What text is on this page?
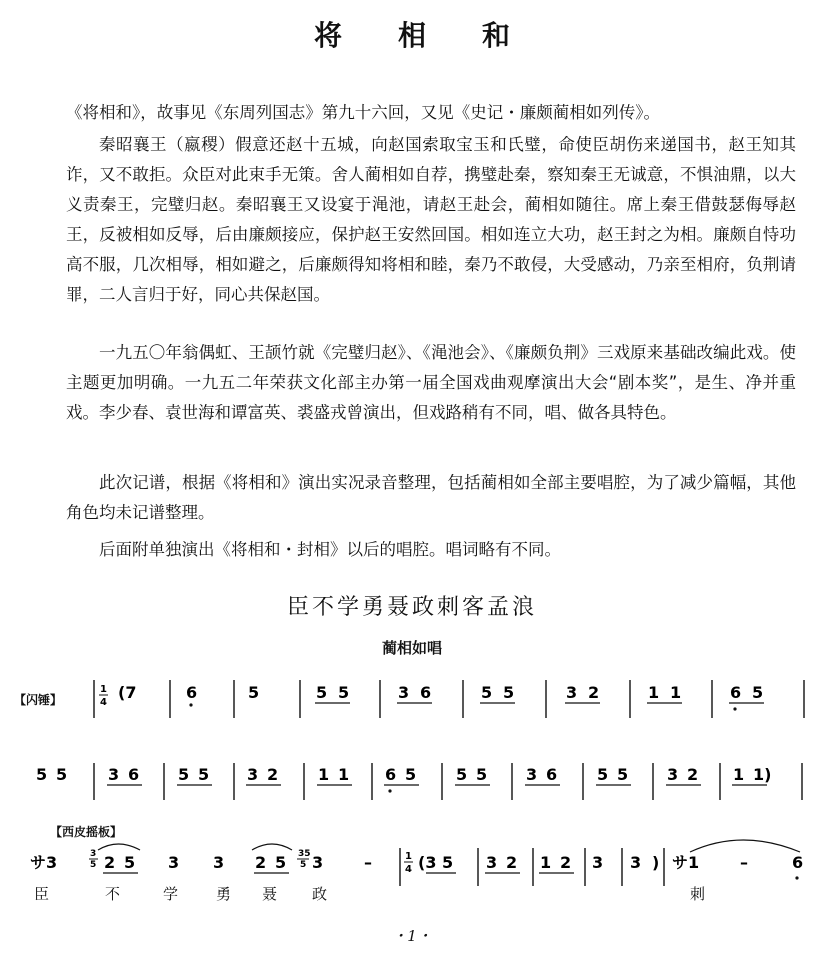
将相和
《将相和》，故事见《东周列国志》第九十六回，又见《史记・廉颇蔺相如列传》。
秦昭襄王（嬴稷）假意还赵十五城，向赵国索取宝玉和氏璧，命使臣胡伤来递国书，赵王知其诈，又不敢拒。众臣对此束手无策。舍人蔺相如自荐，携璧赴秦，察知秦王无诚意，不惧油鼎，以大义责秦王，完璧归赵。秦昭襄王又设宴于渑池，请赵王赴会，蔺相如随往。席上秦王借鼓瑟侮辱赵王，反被相如反辱，后由廉颇接应，保护赵王安然回国。相如连立大功，赵王封之为相。廉颇自恃功高不服，几次相辱，相如避之，后廉颇得知将相和睦，秦乃不敢侵，大受感动，乃亲至相府，负荆请罪，二人言归于好，同心共保赵国。
一九五〇年翁偶虹、王颉竹就《完璧归赵》、《渑池会》、《廉颇负荆》三戏原来基础改编此戏。使主题更加明确。一九五二年荣获文化部主办第一届全国戏曲观摩演出大会“剧本奖”，是生、净并重戏。李少春、袁世海和谭富英、裘盛戎曾演出，但戏路稍有不同，唱、做各具特色。
此次记谱，根据《将相和》演出实况录音整理，包括蔺相如全部主要唱腔，为了减少篇幅，其他角色均未记谱整理。
后面附单独演出《将相和・封相》以后的唱腔。唱词略有不同。
臣不学勇聂政刺客孟浪
蔺相如唱
【闪锤】
【西皮摇板】
1
4
(7	6	5	5 5	3 6	5 5	3 2	1 1	6 5
5 5	3 6 5 5 3 2 1 1 6 5 5 5 3 6 5 5 3 2 1 1)
サ3	3
5 2 5 3 3 2 5 35
5 3	–	1
4 (3 5 3 2 1 2 3 3 ) サ1	–	6
臣	不	学	勇 聂 政	刺
・1・
